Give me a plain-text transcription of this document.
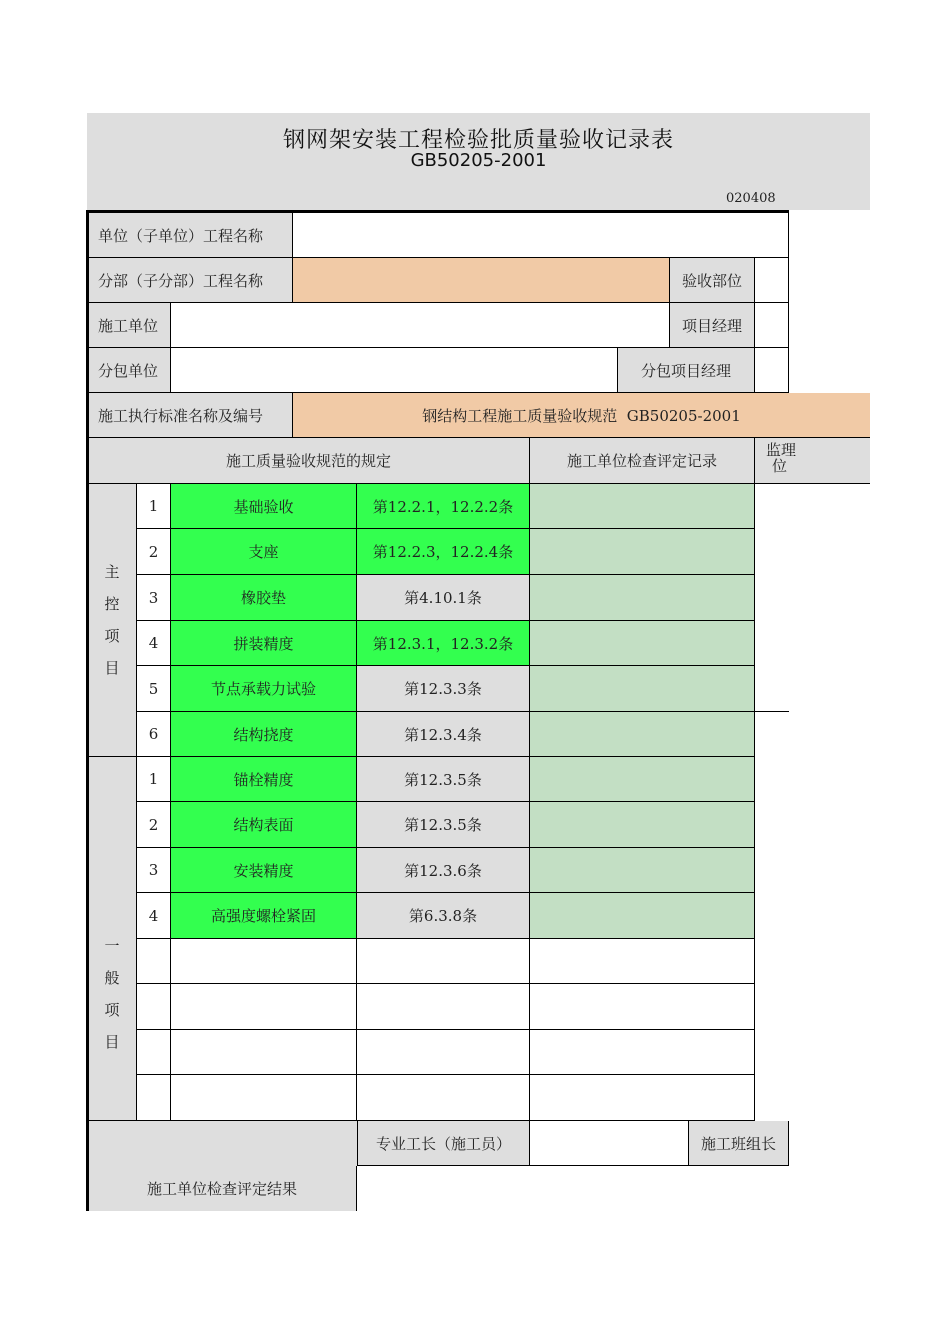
钢网架安装工程检验批质量验收记录表
GB50205-2001
020408
单位（子单位）工程名称
分部（子分部）工程名称	验收部位
施工单位	项目经理
分包单位	分包项目经理
施工执行标准名称及编号	钢结构工程施工质量验收规范  GB50205-2001
施工质量验收规范的规定	施工单位检查评定记录
监理
位
主
控
项
目
1	基础验收	第12.2.1，12.2.2条
2	支座	第12.2.3，12.2.4条
3	橡胶垫	第4.10.1条
4	拼装精度	第12.3.1，12.3.2条
5	节点承载力试验	第12.3.3条
6	结构挠度	第12.3.4条
一
般
项
目
1	锚栓精度	第12.3.5条
2	结构表面	第12.3.5条
3	安装精度	第12.3.6条
4	高强度螺栓紧固	第6.3.8条
专业工长（施工员）	施工班组长
施工单位检查评定结果
